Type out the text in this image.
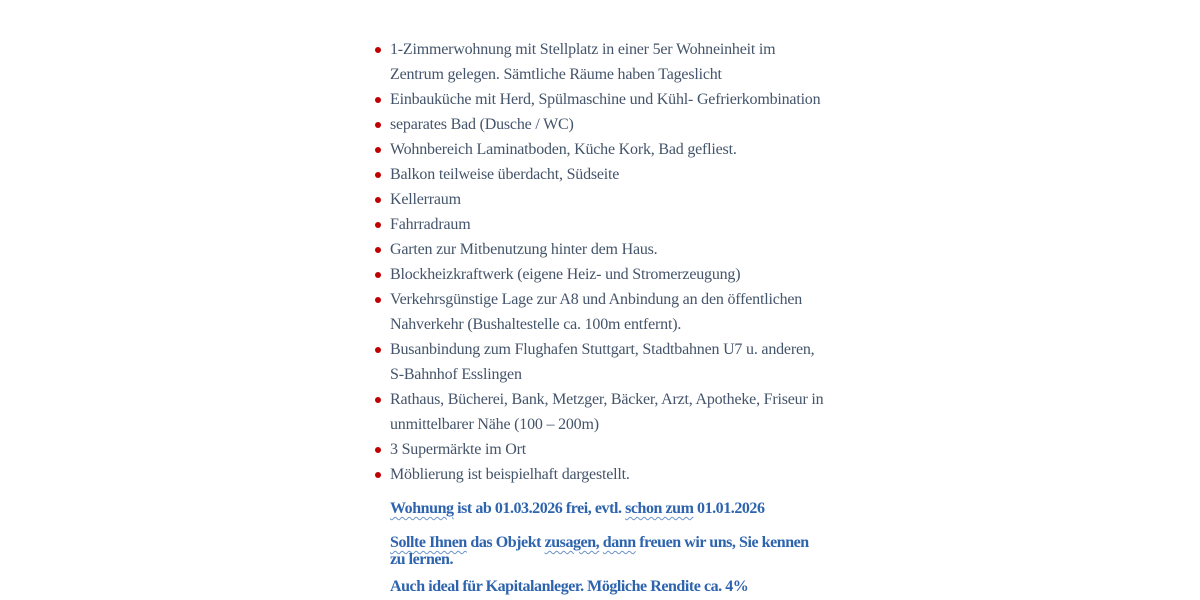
1-Zimmerwohnung mit Stellplatz in einer 5er Wohneinheit im
Zentrum gelegen. Sämtliche Räume haben Tageslicht
Einbauküche mit Herd, Spülmaschine und Kühl- Gefrierkombination
separates Bad (Dusche / WC)
Wohnbereich Laminatboden, Küche Kork, Bad gefliest.
Balkon teilweise überdacht, Südseite
Kellerraum
Fahrradraum
Garten zur Mitbenutzung hinter dem Haus.
Blockheizkraftwerk (eigene Heiz- und Stromerzeugung)
Verkehrsgünstige Lage zur A8 und Anbindung an den öffentlichen
Nahverkehr (Bushaltestelle ca. 100m entfernt).
Busanbindung zum Flughafen Stuttgart, Stadtbahnen U7 u. anderen,
S-Bahnhof Esslingen
Rathaus, Bücherei, Bank, Metzger, Bäcker, Arzt, Apotheke, Friseur in
unmittelbarer Nähe (100 – 200m)
3 Supermärkte im Ort
Möblierung ist beispielhaft dargestellt.

Wohnung ist ab 01.03.2026 frei, evtl. schon zum 01.01.2026

Sollte Ihnen das Objekt zusagen, dann freuen wir uns, Sie kennen
zu lernen.

Auch ideal für Kapitalanleger. Mögliche Rendite ca. 4%
